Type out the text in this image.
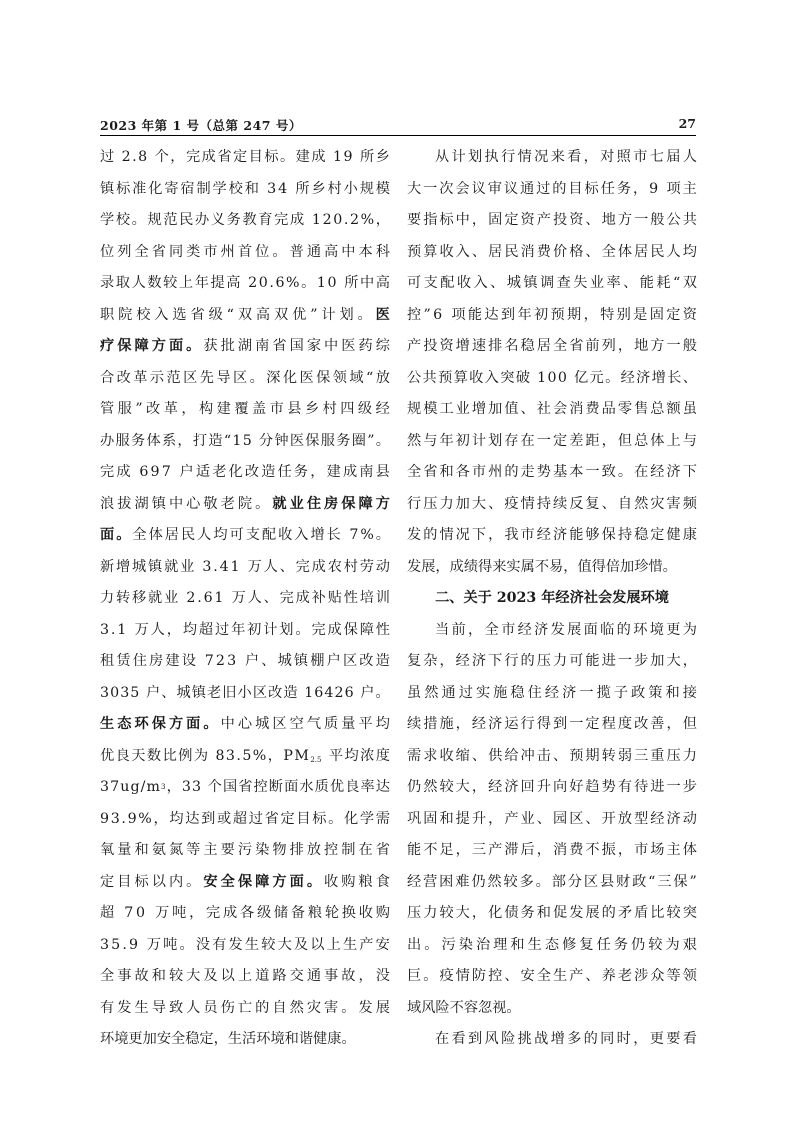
2023 年第 1 号（总第 247 号）	27
过
2 . 8
个 ， 完 成 省 定 目 标 。 建 成
1 9
所 乡
镇 标 准 化 寄 宿 制 学 校 和
3 4
所 乡 村 小 规 模
学 校 。 规 范 民 办 义 务 教 育 完 成
1 2 0 . 2 % ，
位 列 全 省 同 类 市 州 首 位 。 普 通 高 中 本 科
录 取 人 数 较 上 年 提 高
2 0 . 6 % 。 1 0
所 中 高
职 院 校 入 选 省 级 “ 双 高 双 优 ” 计 划 。 医
疗 保 障 方 面 。 获 批 湖 南 省 国 家 中 医 药 综
合 改 革 示 范 区 先 导 区 。 深 化 医 保 领 域 “ 放
管 服 ” 改 革 ， 构 建 覆 盖 市 县 乡 村 四 级 经
办 服 务 体 系 ， 打 造 “ 1 5
分 钟 医 保 服 务 圈 ” 。
完 成
6 9 7
户 适 老 化 改 造 任 务 ， 建 成 南 县
浪 拔 湖 镇 中 心 敬 老 院 。 就 业 住 房 保 障 方
面 。 全 体 居 民 人 均 可 支 配 收 入 增 长
7 % 。
新 增 城 镇 就 业
3 . 4 1
万 人 、 完 成 农 村 劳 动
力 转 移 就 业
2 . 6 1
万 人 、 完 成 补 贴 性 培 训
3 . 1
万 人 ， 均 超 过 年 初 计 划 。 完 成 保 障 性
租 赁 住 房 建 设
7 2 3
户 、 城 镇 棚 户 区 改 造
3 0 3 5
户 、 城 镇 老 旧 小 区 改 造
1 6 4 2 6
户 。
生 态 环 保 方 面 。 中 心 城 区 空 气 质 量 平 均
优 良 天 数 比 例 为
8 3 . 5 % ， P M $_{2.5}$
平 均 浓 度
3 7 u g / m $^3$ ， 3 3
个 国 省 控 断 面 水 质 优 良 率 达
9 3 . 9 % ， 均 达 到 或 超 过 省 定 目 标 。 化 学 需
氧 量 和 氨 氮 等 主 要 污 染 物 排 放 控 制 在 省
定 目 标 以 内 。 安 全 保 障 方 面 。 收 购 粮 食
超
7 0
万 吨 ， 完 成 各 级 储 备 粮 轮 换 收 购
3 5 . 9
万 吨 。 没 有 发 生 较 大 及 以 上 生 产 安
全 事 故 和 较 大 及 以 上 道 路 交 通 事 故 ， 没
有 发 生 导 致 人 员 伤 亡 的 自 然 灾 害 。 发 展
环 境 更 加 安 全 稳 定 ， 生 活 环 境 和 谐 健 康 。
从 计 划 执 行 情 况 来 看 ， 对 照 市 七 届 人
大 一 次 会 议 审 议 通 过 的 目 标 任 务 ， 9
项 主
要 指 标 中 ， 固 定 资 产 投 资 、 地 方 一 般 公 共
预 算 收 入 、 居 民 消 费 价 格 、 全 体 居 民 人 均
可 支 配 收 入 、 城 镇 调 查 失 业 率 、 能 耗 “ 双
控 ” 6
项 能 达 到 年 初 预 期 ， 特 别 是 固 定 资
产 投 资 增 速 排 名 稳 居 全 省 前 列 ， 地 方 一 般
公 共 预 算 收 入 突 破
1 0 0
亿 元 。 经 济 增 长 、
规 模 工 业 增 加 值 、 社 会 消 费 品 零 售 总 额 虽
然 与 年 初 计 划 存 在 一 定 差 距 ， 但 总 体 上 与
全 省 和 各 市 州 的 走 势 基 本 一 致 。 在 经 济 下
行 压 力 加 大 、 疫 情 持 续 反 复 、 自 然 灾 害 频
发 的 情 况 下 ， 我 市 经 济 能 够 保 持 稳 定 健 康
发 展 ， 成 绩 得 来 实 属 不 易 ， 值 得 倍 加 珍 惜 。
二、关于 2023 年经济社会发展环境
当 前 ， 全 市 经 济 发 展 面 临 的 环 境 更 为
复 杂 ， 经 济 下 行 的 压 力 可 能 进 一 步 加 大 ，
虽 然 通 过 实 施 稳 住 经 济 一 揽 子 政 策 和 接
续 措 施 ， 经 济 运 行 得 到 一 定 程 度 改 善 ， 但
需 求 收 缩 、 供 给 冲 击 、 预 期 转 弱 三 重 压 力
仍 然 较 大 ， 经 济 回 升 向 好 趋 势 有 待 进 一 步
巩 固 和 提 升 ， 产 业 、 园 区 、 开 放 型 经 济 动
能 不 足 ， 三 产 滞 后 ， 消 费 不 振 ， 市 场 主 体
经 营 困 难 仍 然 较 多 。 部 分 区 县 财 政 “ 三 保 ”
压 力 较 大 ， 化 债 务 和 促 发 展 的 矛 盾 比 较 突
出 。 污 染 治 理 和 生 态 修 复 任 务 仍 较 为 艰
巨 。 疫 情 防 控 、 安 全 生 产 、 养 老 涉 众 等 领
域 风 险 不 容 忽 视 。
在 看 到 风 险 挑 战 增 多 的 同 时 ， 更 要 看
